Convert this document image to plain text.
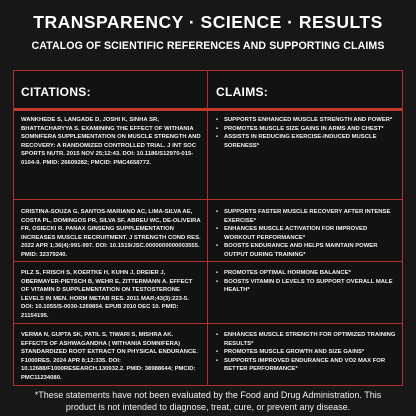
TRANSPARENCY · SCIENCE · RESULTS
CATALOG OF SCIENTIFIC REFERENCES AND SUPPORTING CLAIMS
CITATIONS:	CLAIMS:
WANKHEDE S, LANGADE D, JOSHI K, SINHA SR, BHATTACHARYYA S. EXAMINING THE EFFECT OF WITHANIA SOMNIFERA SUPPLEMENTATION ON MUSCLE STRENGTH AND RECOVERY: A RANDOMIZED CONTROLLED TRIAL. J INT SOC SPORTS NUTR. 2015 NOV 25;12:43. DOI: 10.1186/S12970-015-0104-9. PMID: 26609282; PMCID: PMC4658772.
• SUPPORTS ENHANCED MUSCLE STRENGTH AND POWER*
• PROMOTES MUSCLE SIZE GAINS IN ARMS AND CHEST*
• ASSISTS IN REDUCING EXERCISE-INDUCED MUSCLE SORENESS*
CRISTINA-SOUZA G, SANTOS-MARIANO AC, LIMA-SILVA AE, COSTA PL, DOMINGOS PR, SILVA SF, ABREU WC, DE-OLIVEIRA FR, OSIECKI R. PANAX GINSENG SUPPLEMENTATION INCREASES MUSCLE RECRUITMENT. J STRENGTH COND RES. 2022 APR 1;36(4):991-997. DOI: 10.1519/JSC.0000000000003555. PMID: 32379240.
• SUPPORTS FASTER MUSCLE RECOVERY AFTER INTENSE EXERCISE*
• ENHANCES MUSCLE ACTIVATION FOR IMPROVED WORKOUT PERFORMANCE*
• BOOSTS ENDURANCE AND HELPS MAINTAIN POWER OUTPUT DURING TRAINING*
PILZ S, FRISCH S, KOERTKE H, KUHN J, DREIER J, OBERMAYER-PIETSCH B, WEHR E, ZITTERMANN A. EFFECT OF VITAMIN D SUPPLEMENTATION ON TESTOSTERONE LEVELS IN MEN. HORM METAB RES. 2011 MAR;43(3):223-5. DOI: 10.1055/S-0030-1269854. EPUB 2010 DEC 10. PMID: 21154195.
• PROMOTES OPTIMAL HORMONE BALANCE*
• BOOSTS VITAMIN D LEVELS TO SUPPORT OVERALL MALE HEALTH*
VERMA N, GUPTA SK, PATIL S, TIWARI S, MISHRA AK. EFFECTS OF ASHWAGANDHA ( WITHANIA SOMNIFERA) STANDARDIZED ROOT EXTRACT ON PHYSICAL ENDURANCE. F1000RES. 2024 APR 8;12:335. DOI: 10.12688/F1000RESEARCH.130932.2. PMID: 38988644; PMCID: PMC11234080.
• ENHANCES MUSCLE STRENGTH FOR OPTIMIZED TRAINING RESULTS*
• PROMOTES MUSCLE GROWTH AND SIZE GAINS*
• SUPPORTS IMPROVED ENDURANCE AND VO2 MAX FOR BETTER PERFORMANCE*
*These statements have not been evaluated by the Food and Drug Administration. This
product is not intended to diagnose, treat, cure, or prevent any disease.
